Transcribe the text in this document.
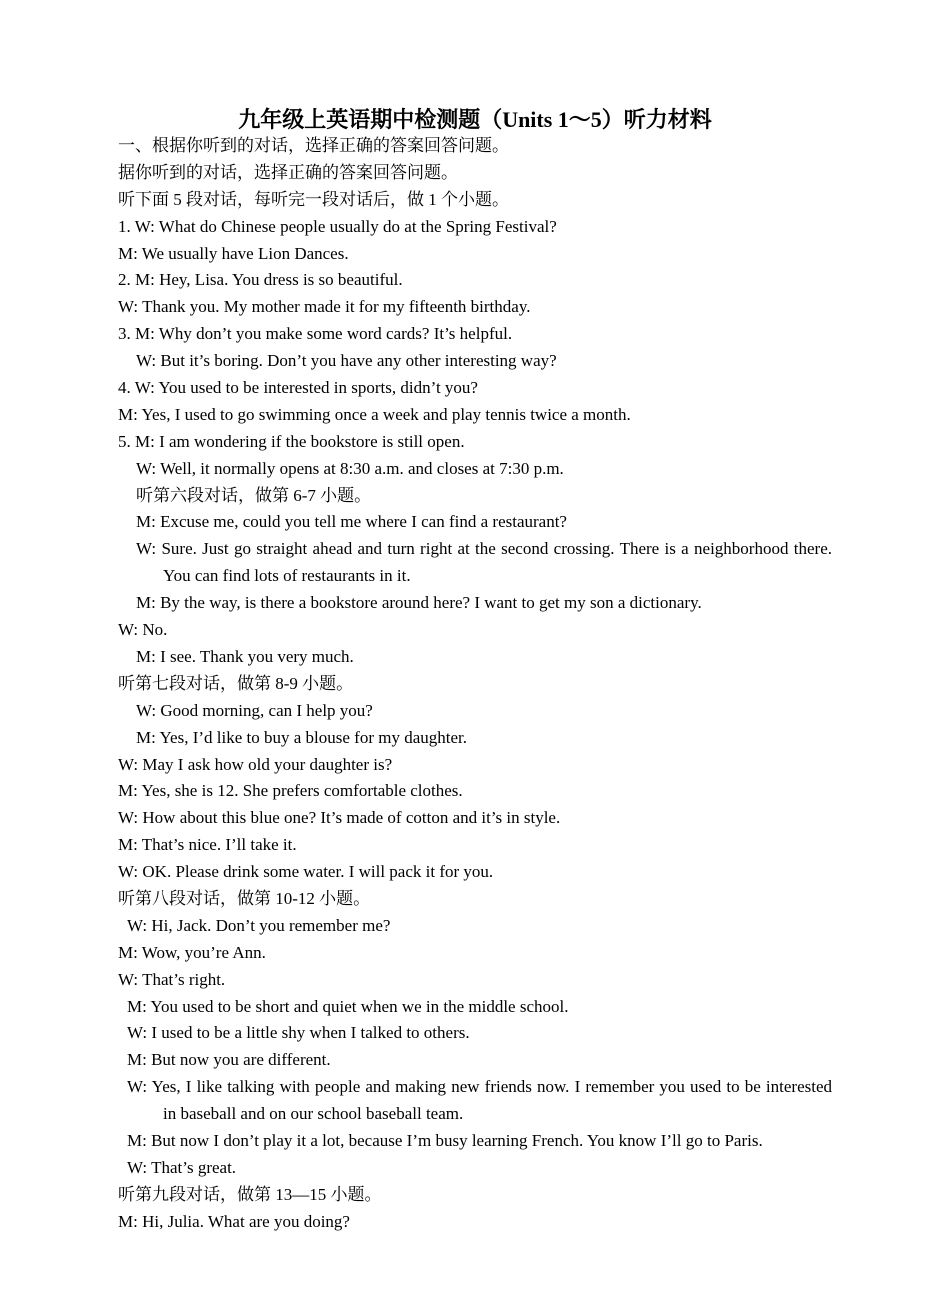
九年级上英语期中检测题（Units 1～5）听力材料
一、根据你听到的对话，选择正确的答案回答问题。
据你听到的对话，选择正确的答案回答问题。
听下面 5 段对话，每听完一段对话后，做 1 个小题。
1. W: What do Chinese people usually do at the Spring Festival?
M: We usually have Lion Dances.
2. M: Hey, Lisa. You dress is so beautiful.
W: Thank you. My mother made it for my fifteenth birthday.
3. M: Why don’t you make some word cards? It’s helpful.
W: But it’s boring. Don’t you have any other interesting way?
4. W: You used to be interested in sports, didn’t you?
M: Yes, I used to go swimming once a week and play tennis twice a month.
5. M: I am wondering if the bookstore is still open.
W: Well, it normally opens at 8:30 a.m. and closes at 7:30 p.m.
听第六段对话，做第 6-7 小题。
M: Excuse me, could you tell me where I can find a restaurant?
W: Sure. Just go straight ahead and turn right at the second crossing. There is a neighborhood there. You can find lots of restaurants in it.
M: By the way, is there a bookstore around here? I want to get my son a dictionary.
W: No.
M: I see. Thank you very much.
听第七段对话，做第 8-9 小题。
W: Good morning, can I help you?
M: Yes, I’d like to buy a blouse for my daughter.
W: May I ask how old your daughter is?
M: Yes, she is 12. She prefers comfortable clothes.
W: How about this blue one? It’s made of cotton and it’s in style.
M: That’s nice. I’ll take it.
W: OK. Please drink some water. I will pack it for you.
听第八段对话，做第 10-12 小题。
W: Hi, Jack. Don’t you remember me?
M: Wow, you’re Ann.
W: That’s right.
M: You used to be short and quiet when we in the middle school.
W: I used to be a little shy when I talked to others.
M: But now you are different.
W: Yes, I like talking with people and making new friends now. I remember you used to be interested in baseball and on our school baseball team.
M: But now I don’t play it a lot, because I’m busy learning French. You know I’ll go to Paris.
W: That’s great.
听第九段对话，做第 13—15 小题。
M: Hi, Julia. What are you doing?
